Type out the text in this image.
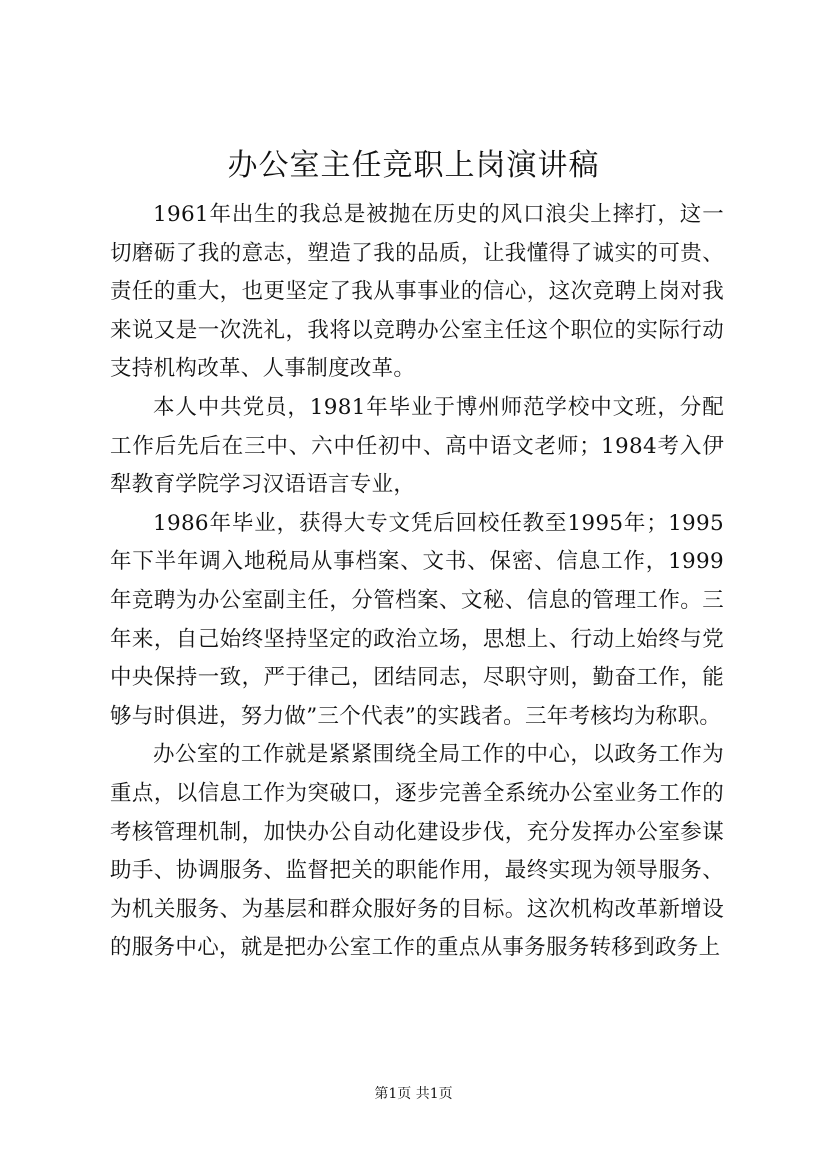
办公室主任竞职上岗演讲稿

1961年出生的我总是被抛在历史的风口浪尖上摔打，这一切磨砺了我的意志，塑造了我的品质，让我懂得了诚实的可贵、责任的重大，也更坚定了我从事事业的信心，这次竞聘上岗对我来说又是一次洗礼，我将以竞聘办公室主任这个职位的实际行动支持机构改革、人事制度改革。

本人中共党员，1981年毕业于博州师范学校中文班，分配工作后先后在三中、六中任初中、高中语文老师；1984考入伊犁教育学院学习汉语语言专业，

1986年毕业，获得大专文凭后回校任教至1995年；1995年下半年调入地税局从事档案、文书、保密、信息工作，1999年竞聘为办公室副主任，分管档案、文秘、信息的管理工作。三年来，自己始终坚持坚定的政治立场，思想上、行动上始终与党中央保持一致，严于律己，团结同志，尽职守则，勤奋工作，能够与时俱进，努力做”三个代表”的实践者。三年考核均为称职。

办公室的工作就是紧紧围绕全局工作的中心，以政务工作为重点，以信息工作为突破口，逐步完善全系统办公室业务工作的考核管理机制，加快办公自动化建设步伐，充分发挥办公室参谋助手、协调服务、监督把关的职能作用，最终实现为领导服务、为机关服务、为基层和群众服好务的目标。这次机构改革新增设的服务中心，就是把办公室工作的重点从事务服务转移到政务上

第1页 共1页
